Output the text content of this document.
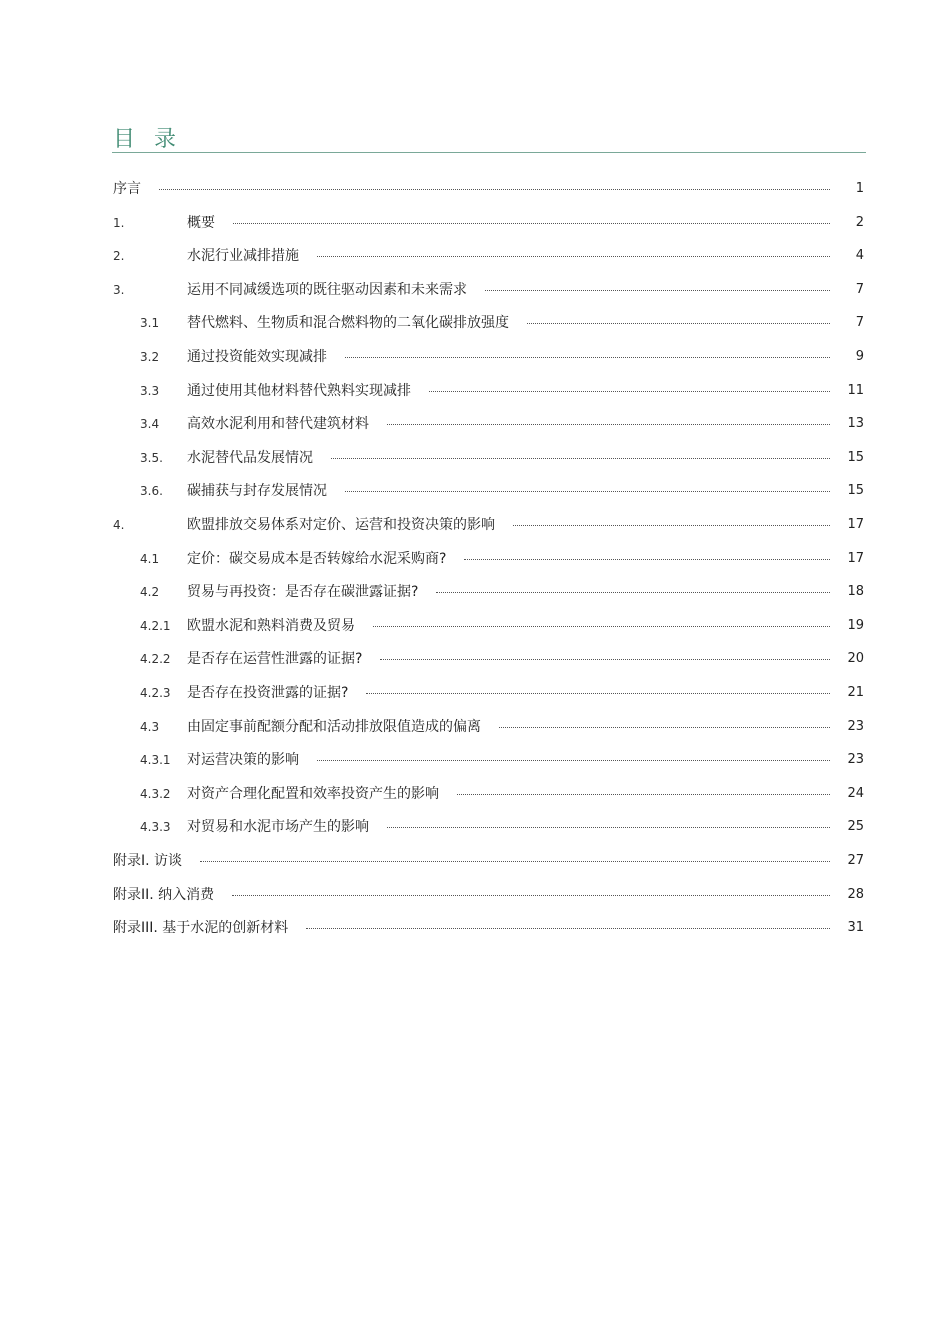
目 录
序言	1
1.	概要	2
2.	水泥行业减排措施	4
3.	运用不同减缓选项的既往驱动因素和未来需求	7
3.1 替代燃料、生物质和混合燃料物的二氧化碳排放强度	7
3.2 通过投资能效实现减排	9
3.3 通过使用其他材料替代熟料实现减排	11
3.4 高效水泥利用和替代建筑材料	13
3.5. 水泥替代品发展情况	15
3.6. 碳捕获与封存发展情况	15
4.	欧盟排放交易体系对定价、运营和投资决策的影响	17
4.1 定价：碳交易成本是否转嫁给水泥采购商?	17
4.2 贸易与再投资：是否存在碳泄露证据?	18
4.2.1 欧盟水泥和熟料消费及贸易	19
4.2.2 是否存在运营性泄露的证据?	20
4.2.3 是否存在投资泄露的证据?	21
4.3 由固定事前配额分配和活动排放限值造成的偏离	23
4.3.1 对运营决策的影响	23
4.3.2 对资产合理化配置和效率投资产生的影响	24
4.3.3 对贸易和水泥市场产生的影响	25
附录I. 访谈	27
附录II. 纳入消费	28
附录III. 基于水泥的创新材料	31
